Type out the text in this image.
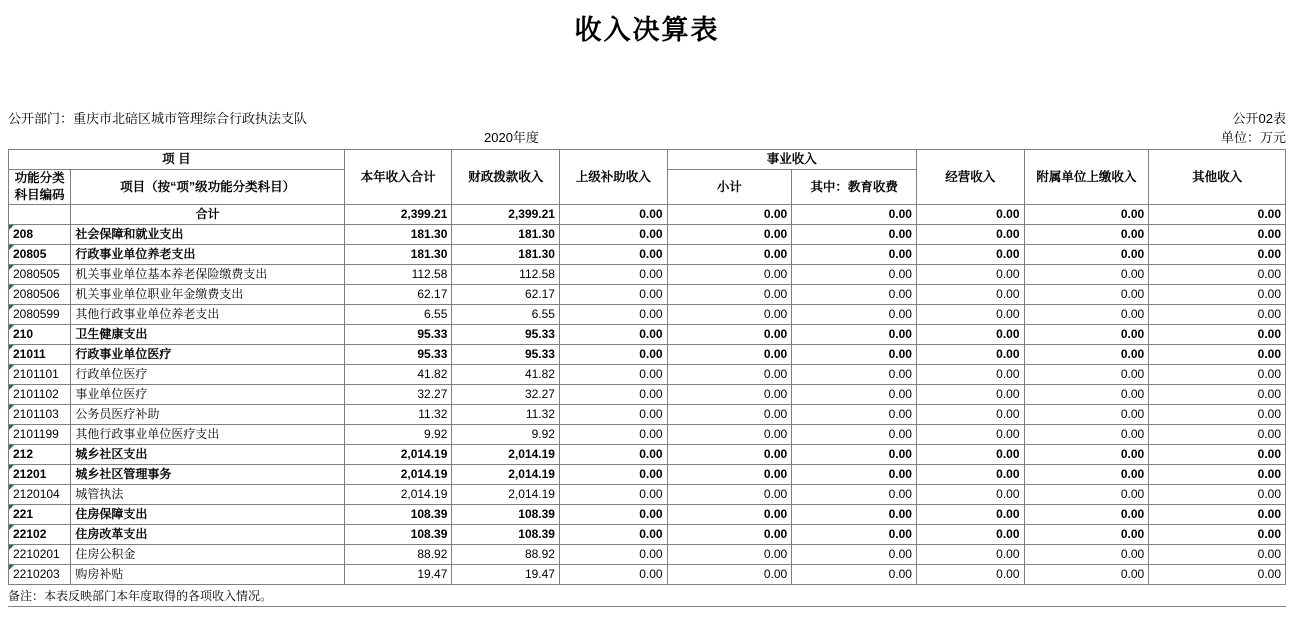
收入决算表
公开部门：重庆市北碚区城市管理综合行政执法支队
2020年度
公开02表
单位：万元
项 目		本年收入合计	财政拨款收入	上级补助收入	事业收入		经营收入	附属单位上缴收入	其他收入

功能分类
科目编码	项目（按“项”级功能分类科目）				小计	其中：教育收费			

	合计	2,399.21	2,399.21	0.00	0.00	0.00	0.00	0.00	0.00
208	社会保障和就业支出	181.30	181.30	0.00	0.00	0.00	0.00	0.00	0.00
20805	行政事业单位养老支出	181.30	181.30	0.00	0.00	0.00	0.00	0.00	0.00
2080505	机关事业单位基本养老保险缴费支出	112.58	112.58	0.00	0.00	0.00	0.00	0.00	0.00
2080506	机关事业单位职业年金缴费支出	62.17	62.17	0.00	0.00	0.00	0.00	0.00	0.00
2080599	其他行政事业单位养老支出	6.55	6.55	0.00	0.00	0.00	0.00	0.00	0.00
210	卫生健康支出	95.33	95.33	0.00	0.00	0.00	0.00	0.00	0.00
21011	行政事业单位医疗	95.33	95.33	0.00	0.00	0.00	0.00	0.00	0.00
2101101	行政单位医疗	41.82	41.82	0.00	0.00	0.00	0.00	0.00	0.00
2101102	事业单位医疗	32.27	32.27	0.00	0.00	0.00	0.00	0.00	0.00
2101103	公务员医疗补助	11.32	11.32	0.00	0.00	0.00	0.00	0.00	0.00
2101199	其他行政事业单位医疗支出	9.92	9.92	0.00	0.00	0.00	0.00	0.00	0.00
212	城乡社区支出	2,014.19	2,014.19	0.00	0.00	0.00	0.00	0.00	0.00
21201	城乡社区管理事务	2,014.19	2,014.19	0.00	0.00	0.00	0.00	0.00	0.00
2120104	城管执法	2,014.19	2,014.19	0.00	0.00	0.00	0.00	0.00	0.00
221	住房保障支出	108.39	108.39	0.00	0.00	0.00	0.00	0.00	0.00
22102	住房改革支出	108.39	108.39	0.00	0.00	0.00	0.00	0.00	0.00
2210201	住房公积金	88.92	88.92	0.00	0.00	0.00	0.00	0.00	0.00
2210203	购房补贴	19.47	19.47	0.00	0.00	0.00	0.00	0.00	0.00
备注：本表反映部门本年度取得的各项收入情况。
